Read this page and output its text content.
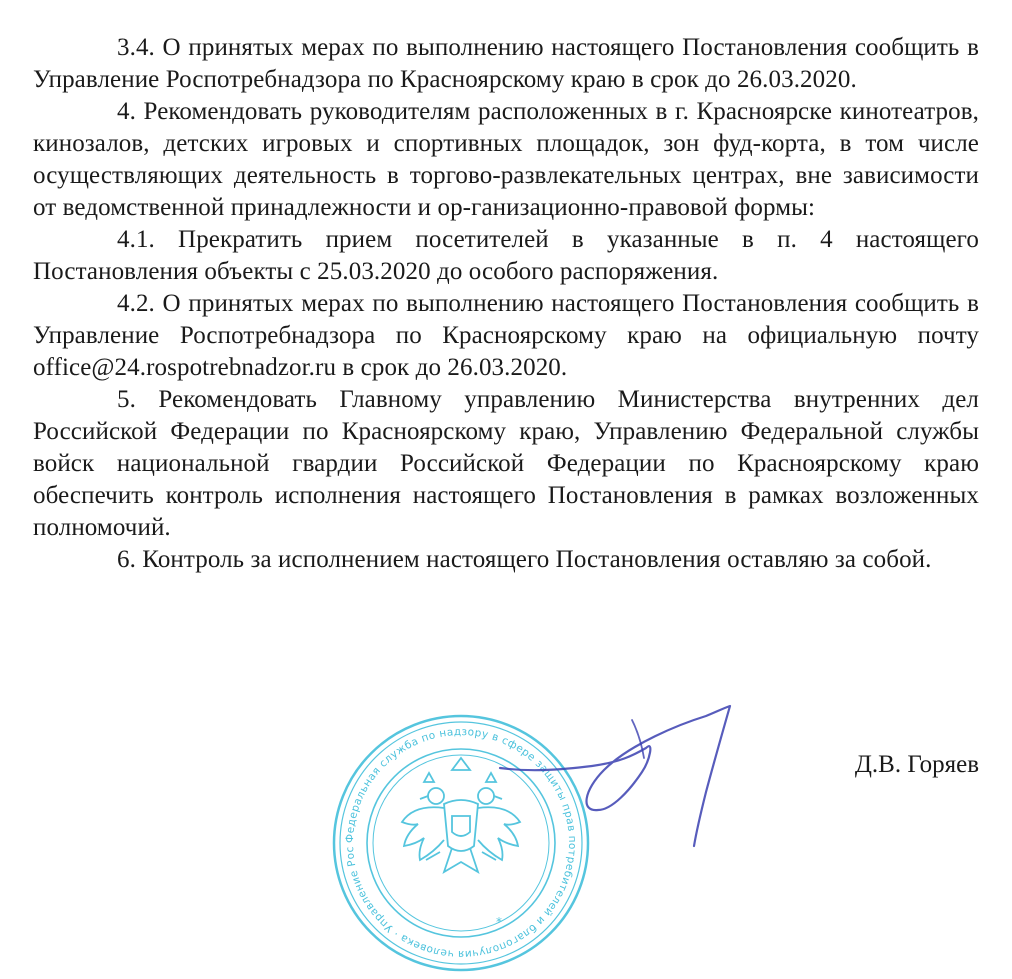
3.4. О принятых мерах по выполнению настоящего Постановления сообщить в Управление Роспотребнадзора по Красноярскому краю в срок до 26.03.2020.

4. Рекомендовать руководителям расположенных в г. Красноярске кинотеатров, кинозалов, детских игровых и спортивных площадок, зон фуд-корта, в том числе осуществляющих деятельность в торгово-развлекательных центрах, вне зависимости от ведомственной принадлежности и ор-ганизационно-правовой формы:

4.1. Прекратить прием посетителей в указанные в п. 4 настоящего Постановления объекты с 25.03.2020 до особого распоряжения.

4.2. О принятых мерах по выполнению настоящего Постановления сообщить в Управление Роспотребнадзора по Красноярскому краю на официальную почту office@24.rospotrebnadzor.ru в срок до 26.03.2020.

5. Рекомендовать Главному управлению Министерства внутренних дел Российской Федерации по Красноярскому краю, Управлению Федеральной службы войск национальной гвардии Российской Федерации по Красноярскому краю обеспечить контроль исполнения настоящего Постановления в рамках возложенных полномочий.

6. Контроль за исполнением настоящего Постановления оставляю за собой.

Д.В. Горяев
Федеральная служба по надзору в сфере защиты прав потребителей и благополучия человека · Управление Роспотребнадзора по Красноярскому краю · Главный государственный санитарный врач
*
